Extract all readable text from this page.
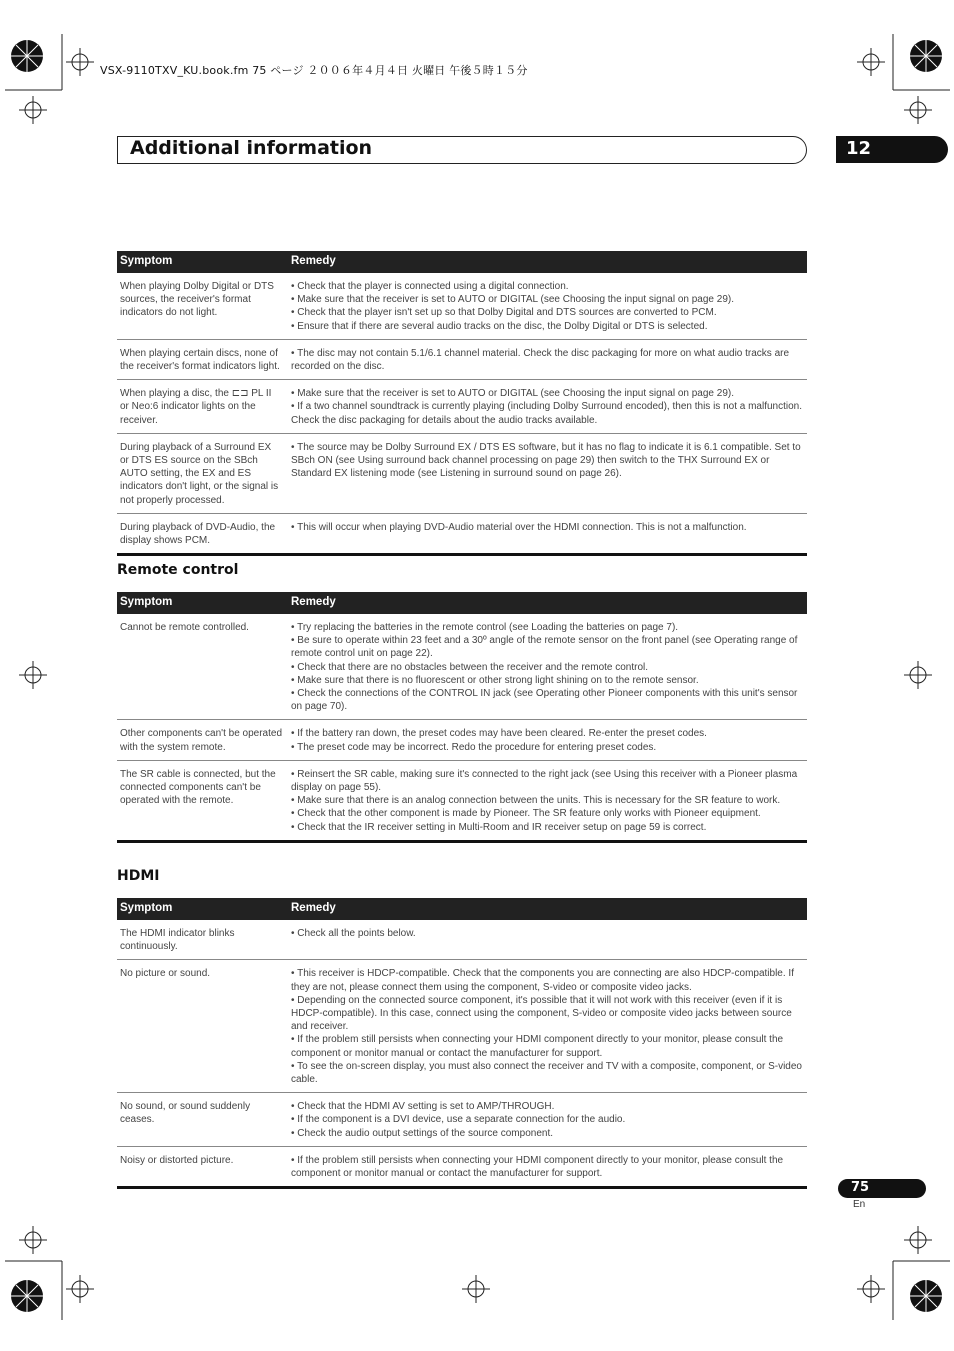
VSX-9110TXV_KU.book.fm 75 ページ ２００６年４月４日 火曜日 午後５時１５分
Additional information	12
Symptom	Remedy
When playing Dolby Digital or DTS sources, the receiver's format indicators do not light.	• Check that the player is connected using a digital connection.
• Make sure that the receiver is set to AUTO or DIGITAL (see Choosing the input signal on page 29).
• Check that the player isn't set up so that Dolby Digital and DTS sources are converted to PCM.
• Ensure that if there are several audio tracks on the disc, the Dolby Digital or DTS is selected.

When playing certain discs, none of the receiver's format indicators light.	• The disc may not contain 5.1/6.1 channel material. Check the disc packaging for more on what audio tracks are recorded on the disc.

When playing a disc, the ⊏⊐ PL II or Neo:6 indicator lights on the receiver.	• Make sure that the receiver is set to AUTO or DIGITAL (see Choosing the input signal on page 29).
• If a two channel soundtrack is currently playing (including Dolby Surround encoded), then this is not a malfunction. Check the disc packaging for details about the audio tracks available.

During playback of a Surround EX or DTS ES source on the SBch AUTO setting, the EX and ES indicators don't light, or the signal is not properly processed.	• The source may be Dolby Surround EX / DTS ES software, but it has no flag to indicate it is 6.1 compatible. Set to SBch ON (see Using surround back channel processing on page 29) then switch to the THX Surround EX or Standard EX listening mode (see Listening in surround sound on page 26).

During playback of DVD-Audio, the display shows PCM.	• This will occur when playing DVD-Audio material over the HDMI connection. This is not a malfunction.
Remote control
Symptom	Remedy
Cannot be remote controlled.	• Try replacing the batteries in the remote control (see Loading the batteries on page 7).
• Be sure to operate within 23 feet and a 30º angle of the remote sensor on the front panel (see Operating range of remote control unit on page 22).
• Check that there are no obstacles between the receiver and the remote control.
• Make sure that there is no fluorescent or other strong light shining on to the remote sensor.
• Check the connections of the CONTROL IN jack (see Operating other Pioneer components with this unit's sensor on page 70).

Other components can't be operated with the system remote.	• If the battery ran down, the preset codes may have been cleared. Re-enter the preset codes.
• The preset code may be incorrect. Redo the procedure for entering preset codes.

The SR cable is connected, but the connected components can't be operated with the remote.	• Reinsert the SR cable, making sure it's connected to the right jack (see Using this receiver with a Pioneer plasma display on page 55).
• Make sure that there is an analog connection between the units. This is necessary for the SR feature to work.
• Check that the other component is made by Pioneer. The SR feature only works with Pioneer equipment.
• Check that the IR receiver setting in Multi-Room and IR receiver setup on page 59 is correct.
HDMI
Symptom	Remedy
The HDMI indicator blinks continuously.	• Check all the points below.

No picture or sound.	• This receiver is HDCP-compatible. Check that the components you are connecting are also HDCP-compatible. If they are not, please connect them using the component, S-video or composite video jacks.
• Depending on the connected source component, it's possible that it will not work with this receiver (even if it is HDCP-compatible). In this case, connect using the component, S-video or composite video jacks between source and receiver.
• If the problem still persists when connecting your HDMI component directly to your monitor, please consult the component or monitor manual or contact the manufacturer for support.
• To see the on-screen display, you must also connect the receiver and TV with a composite, component, or S-video cable.

No sound, or sound suddenly ceases.	• Check that the HDMI AV setting is set to AMP/THROUGH.
• If the component is a DVI device, use a separate connection for the audio.
• Check the audio output settings of the source component.

Noisy or distorted picture.	• If the problem still persists when connecting your HDMI component directly to your monitor, please consult the component or monitor manual or contact the manufacturer for support.
75
En
